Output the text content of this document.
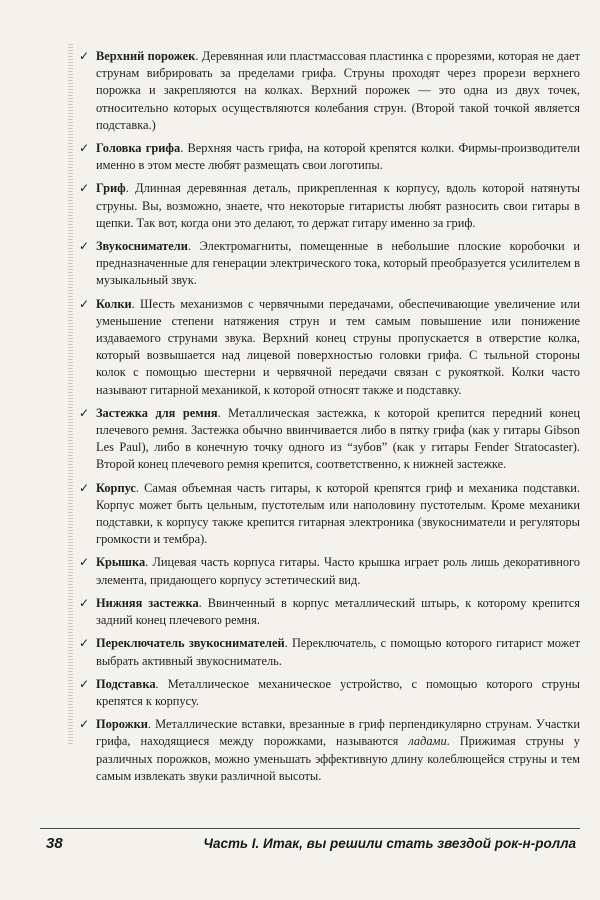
✓ Верхний порожек. Деревянная или пластмассовая пластинка с прорезями, которая не дает струнам вибрировать за пределами грифа. Струны проходят через прорези верхнего порожка и закрепляются на колках. Верхний порожек — это одна из двух точек, относительно которых осуществляются колебания струн. (Второй такой точкой является подставка.)
✓ Головка грифа. Верхняя часть грифа, на которой крепятся колки. Фирмы-производители именно в этом месте любят размещать свои логотипы.
✓ Гриф. Длинная деревянная деталь, прикрепленная к корпусу, вдоль которой натянуты струны. Вы, возможно, знаете, что некоторые гитаристы любят разносить свои гитары в щепки. Так вот, когда они это делают, то держат гитару именно за гриф.
✓ Звукосниматели. Электромагниты, помещенные в небольшие плоские коробочки и предназначенные для генерации электрического тока, который преобразуется усилителем в музыкальный звук.
✓ Колки. Шесть механизмов с червячными передачами, обеспечивающие увеличение или уменьшение степени натяжения струн и тем самым повышение или понижение издаваемого струнами звука. Верхний конец струны пропускается в отверстие колка, который возвышается над лицевой поверхностью головки грифа. С тыльной стороны колок с помощью шестерни и червячной передачи связан с рукояткой. Колки часто называют гитарной механикой, к которой относят также и подставку.
✓ Застежка для ремня. Металлическая застежка, к которой крепится передний конец плечевого ремня. Застежка обычно ввинчивается либо в пятку грифа (как у гитары Gibson Les Paul), либо в конечную точку одного из “зубов” (как у гитары Fender Stratocaster). Второй конец плечевого ремня крепится, соответственно, к нижней застежке.
✓ Корпус. Самая объемная часть гитары, к которой крепятся гриф и механика подставки. Корпус может быть цельным, пустотелым или наполовину пустотелым. Кроме механики подставки, к корпусу также крепится гитарная электроника (звукосниматели и регуляторы громкости и тембра).
✓ Крышка. Лицевая часть корпуса гитары. Часто крышка играет роль лишь декоративного элемента, придающего корпусу эстетический вид.
✓ Нижняя застежка. Ввинченный в корпус металлический штырь, к которому крепится задний конец плечевого ремня.
✓ Переключатель звукоснимателей. Переключатель, с помощью которого гитарист может выбрать активный звукосниматель.
✓ Подставка. Металлическое механическое устройство, с помощью которого струны крепятся к корпусу.
✓ Порожки. Металлические вставки, врезанные в гриф перпендикулярно струнам. Участки грифа, находящиеся между порожками, называются ладами. Прижимая струны у различных порожков, можно уменьшать эффективную длину колеблющейся струны и тем самым извлекать звуки различной высоты.
38	Часть I. Итак, вы решили стать звездой рок-н-ролла
